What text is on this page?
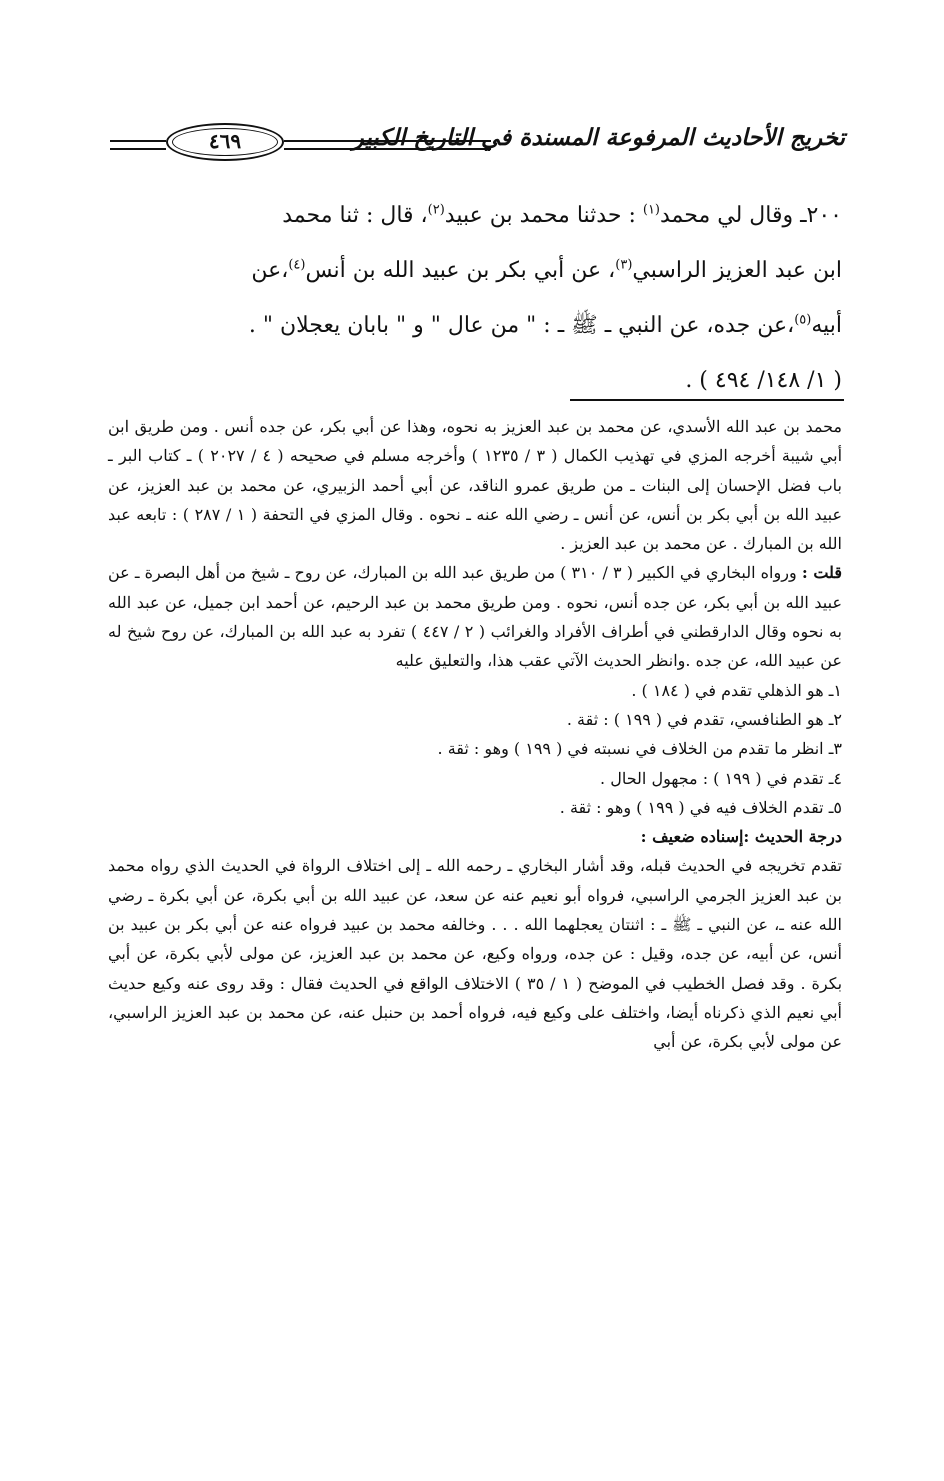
٤٦٩	تخريج الأحاديث المرفوعة المسندة في التاريخ الكبير

٢٠٠ـ وقال لي محمد$^{(١)}$ : حدثنا محمد بن عبيد$^{(٢)}$، قال : ثنا محمد

ابن عبد العزيز الراسبي$^{(٣)}$، عن أبي بكر بن عبيد الله بن أنس$^{(٤)}$،عن

أبيه$^{(٥)}$،عن جده، عن النبي ـ ﷺ ـ : " من عال " و " بابان يعجلان " .

( ١/ ١٤٨/ ٤٩٤ ) .

محمد بن عبد الله الأسدي، عن محمد بن عبد العزيز به نحوه، وهذا عن أبي بكر، عن جده أنس . ومن طريق ابن أبي شيبة أخرجه المزي في تهذيب الكمال ( ٣ / ١٢٣٥ ) وأخرجه مسلم في صحيحه ( ٤ / ٢٠٢٧ ) ـ كتاب البر ـ باب فضل الإحسان إلى البنات ـ من طريق عمرو الناقد، عن أبي أحمد الزبيري، عن محمد بن عبد العزيز، عن عبيد الله بن أبي بكر بن أنس، عن أنس ـ رضي الله عنه ـ نحوه . وقال المزي في التحفة ( ١ / ٢٨٧ ) : تابعه عبد الله بن المبارك . عن محمد بن عبد العزيز .

قلت : ورواه البخاري في الكبير ( ٣ / ٣١٠ ) من طريق عبد الله بن المبارك، عن روح ـ شيخ من أهل البصرة ـ عن عبيد الله بن أبي بكر، عن جده أنس، نحوه . ومن طريق محمد بن عبد الرحيم، عن أحمد ابن جميل، عن عبد الله به نحوه وقال الدارقطني في أطراف الأفراد والغرائب ( ٢ / ٤٤٧ ) تفرد به عبد الله بن المبارك، عن روح شيخ له عن عبيد الله، عن جده .وانظر الحديث الآتي عقب هذا، والتعليق عليه

١ـ هو الذهلي تقدم في ( ١٨٤ ) .
٢ـ هو الطنافسي، تقدم في ( ١٩٩ ) : ثقة .
٣ـ انظر ما تقدم من الخلاف في نسبته في ( ١٩٩ ) وهو : ثقة .
٤ـ تقدم في ( ١٩٩ ) : مجهول الحال .
٥ـ تقدم الخلاف فيه في ( ١٩٩ ) وهو : ثقة .

درجة الحديث :إسناده ضعيف :

تقدم تخريجه في الحديث قبله، وقد أشار البخاري ـ رحمه الله ـ إلى اختلاف الرواة في الحديث الذي رواه محمد بن عبد العزيز الجرمي الراسبي، فرواه أبو نعيم عنه عن سعد، عن عبيد الله بن أبي بكرة، عن أبي بكرة ـ رضي الله عنه ـ، عن النبي ـ ﷺ ـ : اثنتان يعجلهما الله . . . وخالفه محمد بن عبيد فرواه عنه عن أبي بكر بن عبيد بن أنس، عن أبيه، عن جده، وقيل : عن جده، ورواه وكيع، عن محمد بن عبد العزيز، عن مولى لأبي بكرة، عن أبي بكرة . وقد فصل الخطيب في الموضح ( ١ / ٣٥ ) الاختلاف الواقع في الحديث فقال : وقد روى عنه وكيع حديث أبي نعيم الذي ذكرناه أيضا، واختلف على وكيع فيه، فرواه أحمد بن حنبل عنه، عن محمد بن عبد العزيز الراسبي، عن مولى لأبي بكرة، عن أبي
